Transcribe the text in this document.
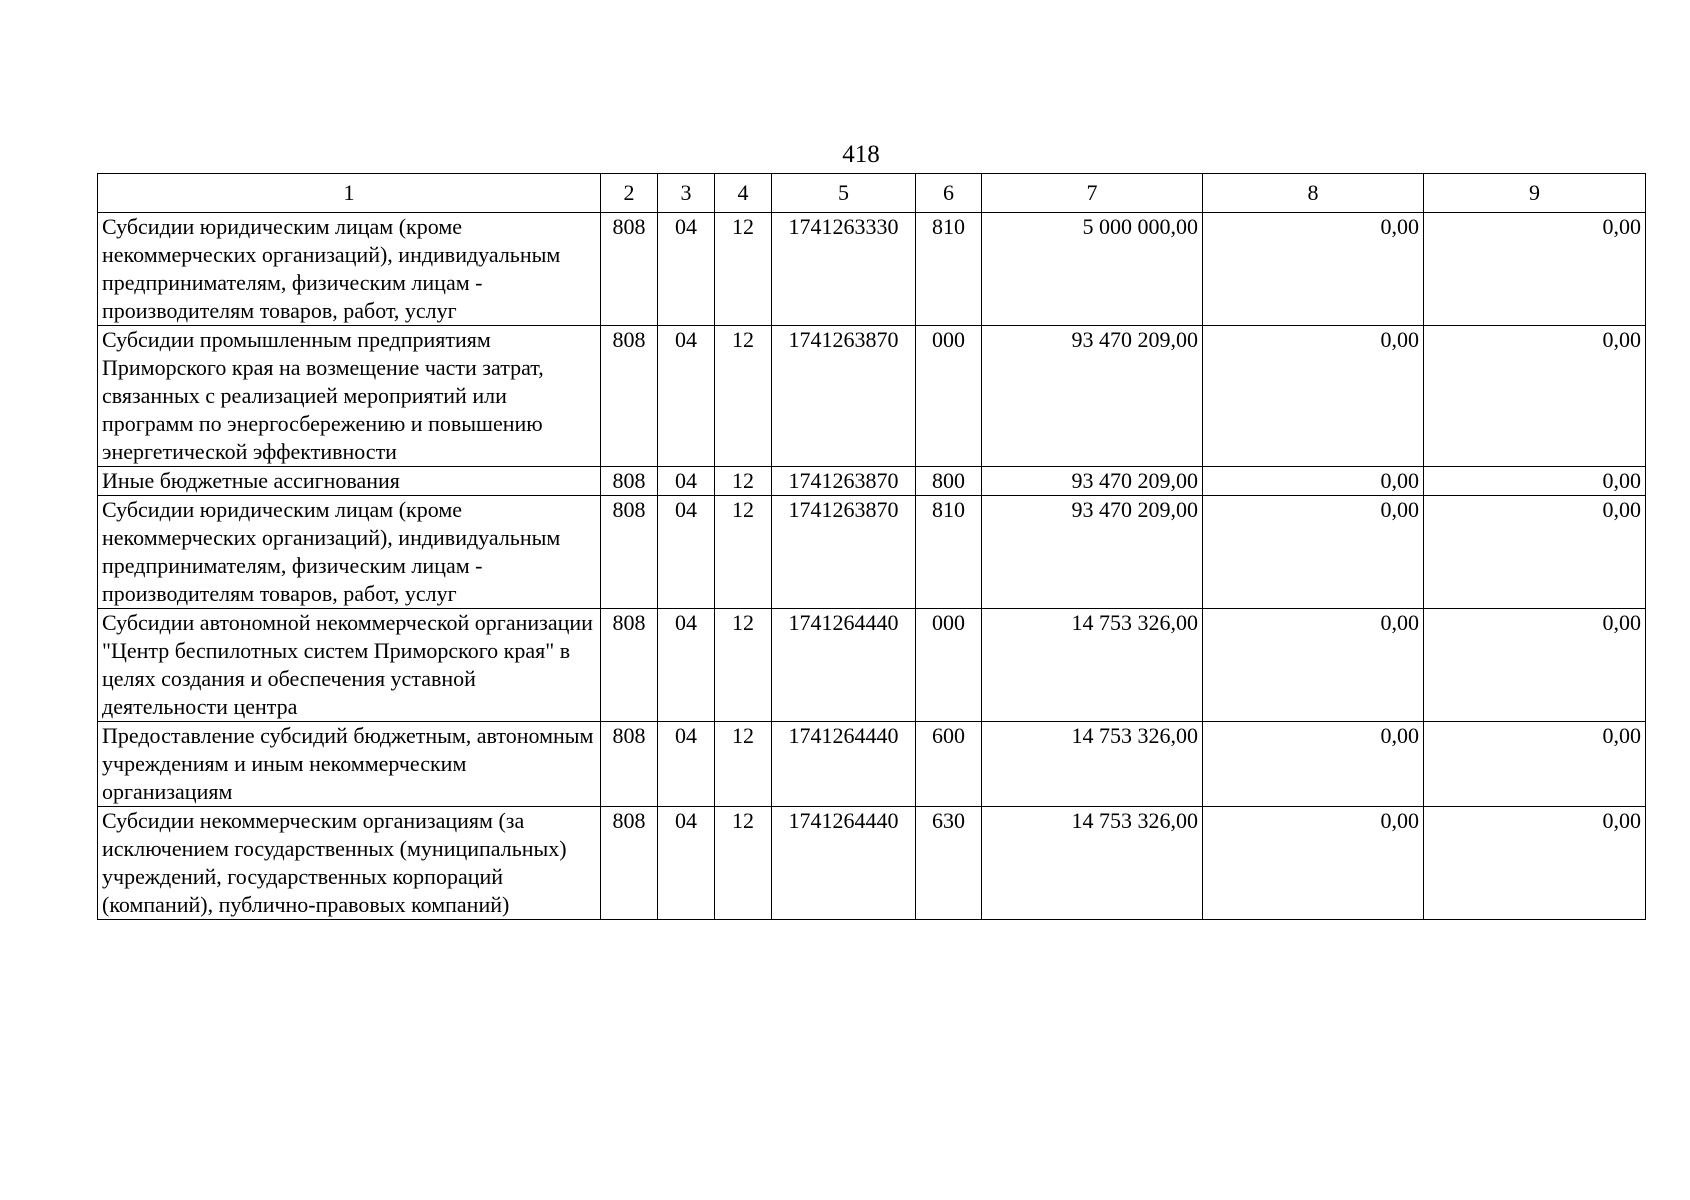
418
1	2	3	4	5	6	7	8	9
Субсидии юридическим лицам (кроме некоммерческих организаций), индивидуальным предпринимателям, физическим лицам - производителям товаров, работ, услуг	808	04	12	1741263330	810	5 000 000,00	0,00	0,00
Субсидии промышленным предприятиям Приморского края на возмещение части затрат, связанных с реализацией мероприятий или программ по энергосбережению и повышению энергетической эффективности	808	04	12	1741263870	000	93 470 209,00	0,00	0,00
Иные бюджетные ассигнования	808	04	12	1741263870	800	93 470 209,00	0,00	0,00
Субсидии юридическим лицам (кроме некоммерческих организаций), индивидуальным предпринимателям, физическим лицам - производителям товаров, работ, услуг	808	04	12	1741263870	810	93 470 209,00	0,00	0,00
Субсидии автономной некоммерческой организации "Центр беспилотных систем Приморского края" в целях создания и обеспечения уставной деятельности центра	808	04	12	1741264440	000	14 753 326,00	0,00	0,00
Предоставление субсидий бюджетным, автономным учреждениям и иным некоммерческим организациям	808	04	12	1741264440	600	14 753 326,00	0,00	0,00
Субсидии некоммерческим организациям (за исключением государственных (муниципальных) учреждений, государственных корпораций (компаний), публично-правовых компаний)	808	04	12	1741264440	630	14 753 326,00	0,00	0,00
